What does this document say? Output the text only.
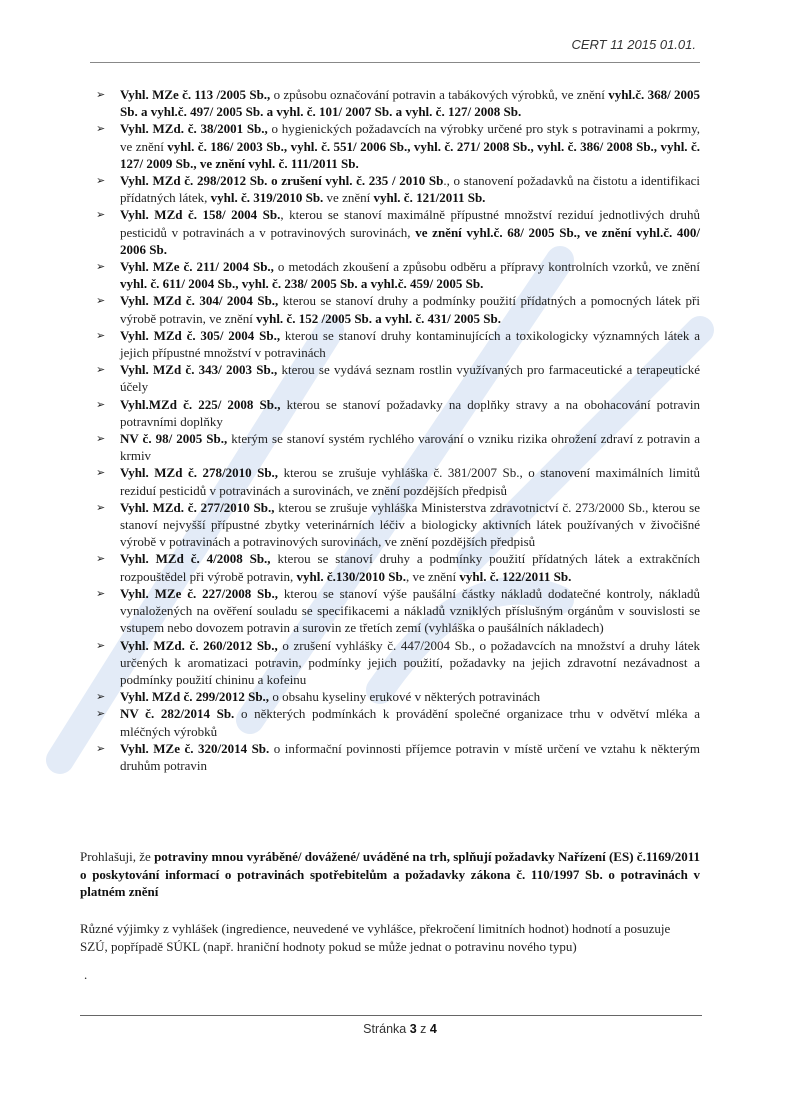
CERT 11 2015 01.01.
➢ Vyhl. MZe č. 113 /2005 Sb., o způsobu označování potravin a tabákových výrobků, ve znění vyhl.č. 368/ 2005 Sb. a vyhl.č. 497/ 2005 Sb. a vyhl. č. 101/ 2007 Sb. a vyhl. č. 127/ 2008 Sb.
➢ Vyhl. MZd. č. 38/2001 Sb., o hygienických požadavcích na výrobky určené pro styk s potravinami a pokrmy, ve znění vyhl. č. 186/ 2003 Sb., vyhl. č. 551/ 2006 Sb., vyhl. č. 271/ 2008 Sb., vyhl. č. 386/ 2008 Sb., vyhl. č. 127/ 2009 Sb., ve znění vyhl. č. 111/2011 Sb.
➢ Vyhl. MZd č. 298/2012 Sb. o zrušení vyhl. č. 235 / 2010 Sb., o stanovení požadavků na čistotu a identifikaci přídatných látek, vyhl. č. 319/2010 Sb. ve znění vyhl. č. 121/2011 Sb.
➢ Vyhl. MZd č. 158/ 2004 Sb., kterou se stanoví maximálně přípustné množství reziduí jednotlivých druhů pesticidů v potravinách a v potravinových surovinách, ve znění vyhl.č. 68/ 2005 Sb., ve znění vyhl.č. 400/ 2006 Sb.
➢ Vyhl. MZe č. 211/ 2004 Sb., o metodách zkoušení a způsobu odběru a přípravy kontrolních vzorků, ve znění vyhl. č. 611/ 2004 Sb., vyhl. č. 238/ 2005 Sb. a vyhl.č. 459/ 2005 Sb.
➢ Vyhl. MZd č. 304/ 2004 Sb., kterou se stanoví druhy a podmínky použití přídatných a pomocných látek při výrobě potravin, ve znění vyhl. č. 152 /2005 Sb. a vyhl. č. 431/ 2005 Sb.
➢ Vyhl. MZd č. 305/ 2004 Sb., kterou se stanoví druhy kontaminujících a toxikologicky významných látek a jejich přípustné množství v potravinách
➢ Vyhl. MZd č. 343/ 2003 Sb., kterou se vydává seznam rostlin využívaných pro farmaceutické a terapeutické účely
➢ Vyhl.MZd č. 225/ 2008 Sb., kterou se stanoví požadavky na doplňky stravy a na obohacování potravin potravními doplňky
➢ NV č. 98/ 2005 Sb., kterým se stanoví systém rychlého varování o vzniku rizika ohrožení zdraví z potravin a krmiv
➢ Vyhl. MZd č. 278/2010 Sb., kterou se zrušuje vyhláška č. 381/2007 Sb., o stanovení maximálních limitů reziduí pesticidů v potravinách a surovinách, ve znění pozdějších předpisů
➢ Vyhl. MZd. č. 277/2010 Sb., kterou se zrušuje vyhláška Ministerstva zdravotnictví č. 273/2000 Sb., kterou se stanoví nejvyšší přípustné zbytky veterinárních léčiv a biologicky aktivních látek používaných v živočišné výrobě v potravinách a potravinových surovinách, ve znění pozdějších předpisů
➢ Vyhl. MZd č. 4/2008 Sb., kterou se stanoví druhy a podmínky použití přídatných látek a extrakčních rozpouštědel při výrobě potravin, vyhl. č.130/2010 Sb., ve znění vyhl. č. 122/2011 Sb.
➢ Vyhl. MZe č. 227/2008 Sb., kterou se stanoví výše paušální částky nákladů dodatečné kontroly, nákladů vynaložených na ověření souladu se specifikacemi a nákladů vzniklých příslušným orgánům v souvislosti se vstupem nebo dovozem potravin a surovin ze třetích zemí (vyhláška o paušálních nákladech)
➢ Vyhl. MZd. č. 260/2012 Sb., o zrušení vyhlášky č. 447/2004 Sb., o požadavcích na množství a druhy látek určených k aromatizaci potravin, podmínky jejich použití, požadavky na jejich zdravotní nezávadnost a podmínky použití chininu a kofeinu
➢ Vyhl. MZd č. 299/2012 Sb., o obsahu kyseliny erukové v některých potravinách
➢ NV č. 282/2014 Sb. o některých podmínkách k provádění společné organizace trhu v odvětví mléka a mléčných výrobků
➢ Vyhl. MZe č. 320/2014 Sb. o informační povinnosti příjemce potravin v místě určení ve vztahu k některým druhům potravin
Prohlašuji, že potraviny mnou vyráběné/ dovážené/ uváděné na trh, splňují požadavky Nařízení (ES) č.1169/2011 o poskytování informací o potravinách spotřebitelům a požadavky zákona č. 110/1997 Sb. o potravinách v platném znění
Různé výjimky z vyhlášek (ingredience, neuvedené ve vyhlášce, překročení limitních hodnot) hodnotí a posuzuje SZÚ, popřípadě SÚKL (např. hraniční hodnoty pokud se může jednat o potravinu nového typu)
.
Stránka 3 z 4
